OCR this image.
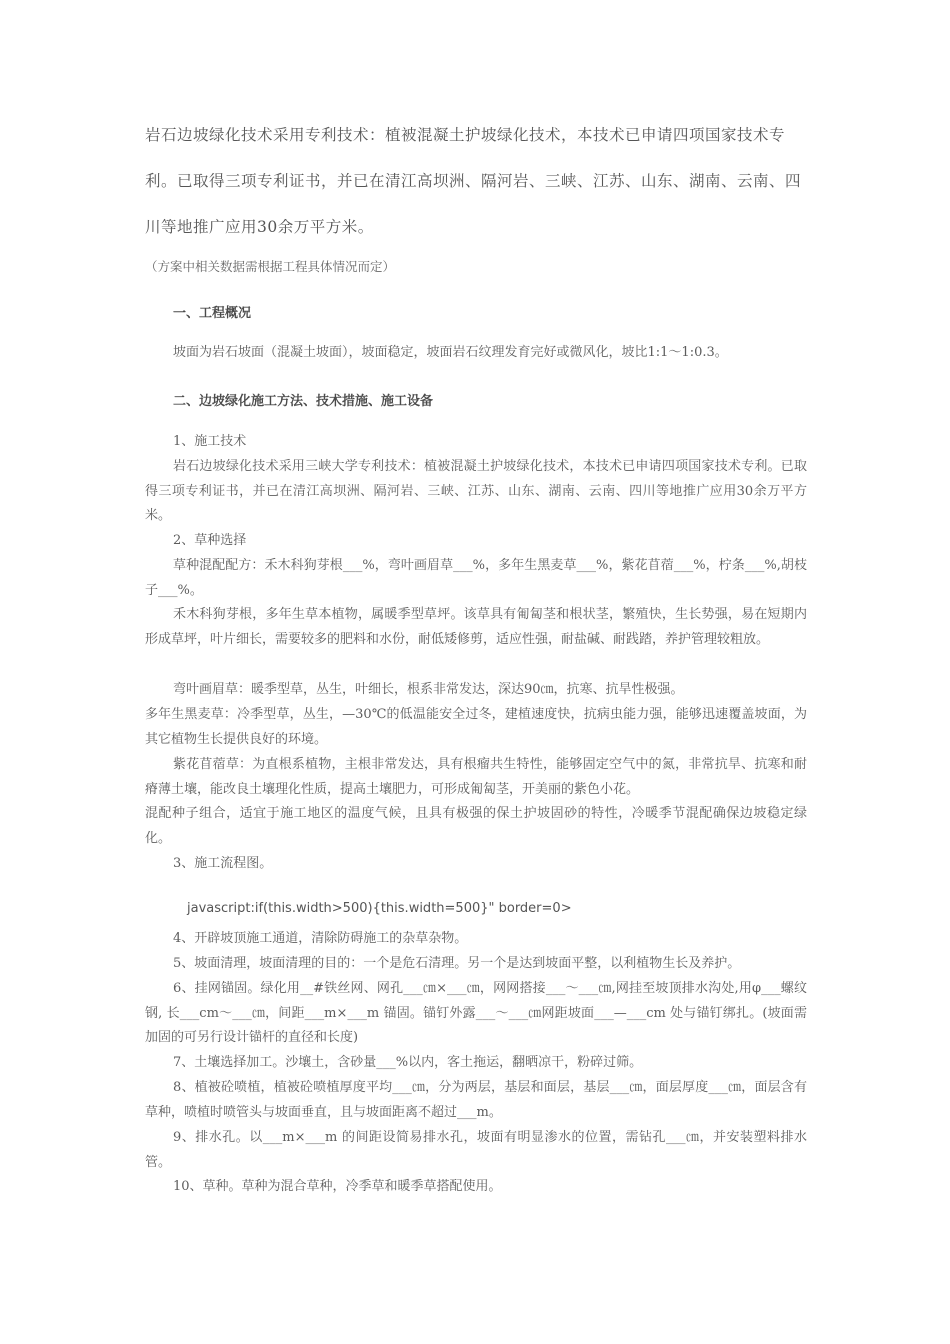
岩石边坡绿化技术采用专利技术：植被混凝土护坡绿化技术，本技术已申请四项国家技术专利。已取得三项专利证书，并已在清江高坝洲、隔河岩、三峡、江苏、山东、湖南、云南、四川等地推广应用30余万平方米。

（方案中相关数据需根据工程具体情况而定）

一、工程概况

坡面为岩石坡面（混凝土坡面），坡面稳定，坡面岩石纹理发育完好或微风化，坡比1:1～1:0.3。

二、边坡绿化施工方法、技术措施、施工设备

1、施工技术

岩石边坡绿化技术采用三峡大学专利技术：植被混凝土护坡绿化技术，本技术已申请四项国家技术专利。已取得三项专利证书，并已在清江高坝洲、隔河岩、三峡、江苏、山东、湖南、云南、四川等地推广应用30余万平方米。

2、草种选择

草种混配配方：禾木科狗芽根___%，弯叶画眉草___%，多年生黑麦草___%，紫花苜蓿___%，柠条___%,胡枝子___%。

禾木科狗芽根，多年生草本植物，属暖季型草坪。该草具有匍匐茎和根状茎，繁殖快，生长势强，易在短期内形成草坪，叶片细长，需要较多的肥料和水份，耐低矮修剪，适应性强，耐盐碱、耐践踏，养护管理较粗放。

弯叶画眉草：暖季型草，丛生，叶细长，根系非常发达，深达90㎝，抗寒、抗旱性极强。

多年生黑麦草：冷季型草，丛生，—30℃的低温能安全过冬，建植速度快，抗病虫能力强，能够迅速覆盖坡面，为其它植物生长提供良好的环境。

紫花苜蓿草：为直根系植物，主根非常发达，具有根瘤共生特性，能够固定空气中的氮，非常抗旱、抗寒和耐瘠薄土壤，能改良土壤理化性质，提高土壤肥力，可形成匍匐茎，开美丽的紫色小花。

混配种子组合，适宜于施工地区的温度气候，且具有极强的保土护坡固砂的特性，冷暖季节混配确保边坡稳定绿化。

3、施工流程图。

javascript:if(this.width>500){this.width=500}" border=0>

4、开辟坡顶施工通道，清除防碍施工的杂草杂物。

5、坡面清理，坡面清理的目的：一个是危石清理。另一个是达到坡面平整，以利植物生长及养护。

6、挂网锚固。绿化用__#铁丝网、网孔___㎝×___㎝，网网搭接___～___㎝,网挂至坡顶排水沟处,用φ___螺纹钢, 长___cm～___㎝，间距___m×___m 锚固。锚钉外露___～___㎝网距坡面___—___cm 处与锚钉绑扎。(坡面需加固的可另行设计锚杆的直径和长度)

7、土壤选择加工。沙壤土，含砂量___%以内，客土拖运，翻晒凉干，粉碎过筛。

8、植被砼喷植，植被砼喷植厚度平均___㎝，分为两层，基层和面层，基层___㎝，面层厚度___㎝，面层含有草种，喷植时喷管头与坡面垂直，且与坡面距离不超过___m。

9、排水孔。以___m×___m 的间距设简易排水孔，坡面有明显渗水的位置，需钻孔___㎝，并安装塑料排水管。

10、草种。草种为混合草种，冷季草和暖季草搭配使用。
